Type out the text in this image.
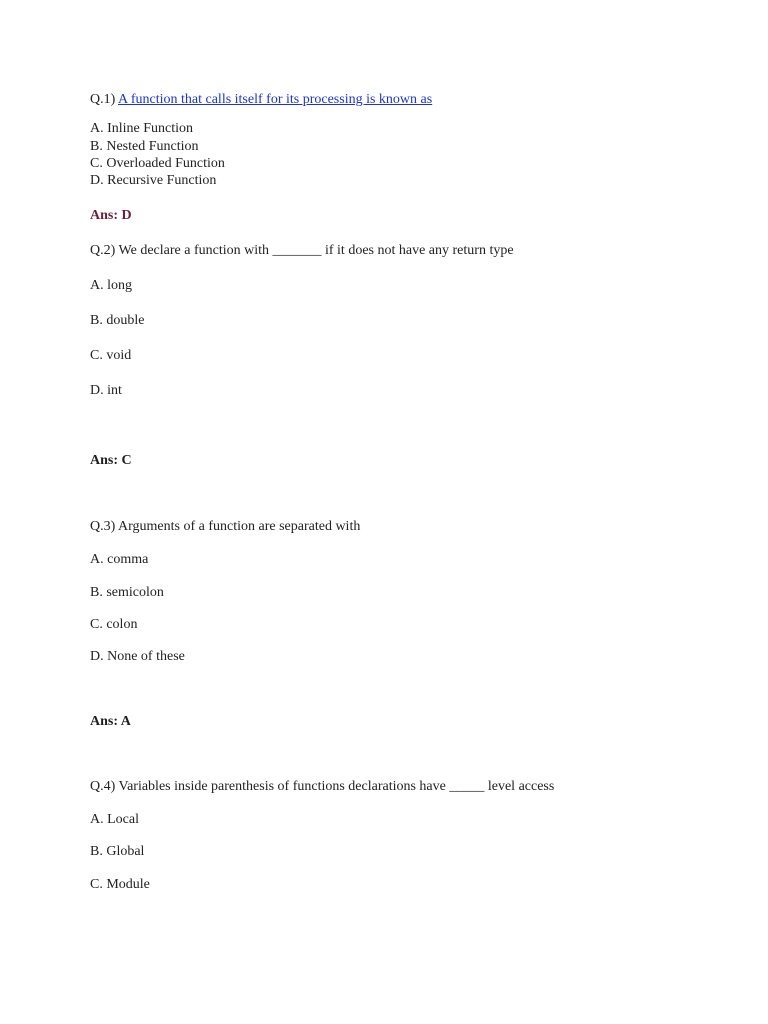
Q.1) A function that calls itself for its processing is known as
A. Inline Function
B. Nested Function
C. Overloaded Function
D. Recursive Function
Ans: D
Q.2) We declare a function with _______ if it does not have any return type
A. long
B. double
C. void
D. int
Ans: C
Q.3) Arguments of a function are separated with
A. comma
B. semicolon
C. colon
D. None of these
Ans: A
Q.4) Variables inside parenthesis of functions declarations have _____ level access
A. Local
B. Global
C. Module
